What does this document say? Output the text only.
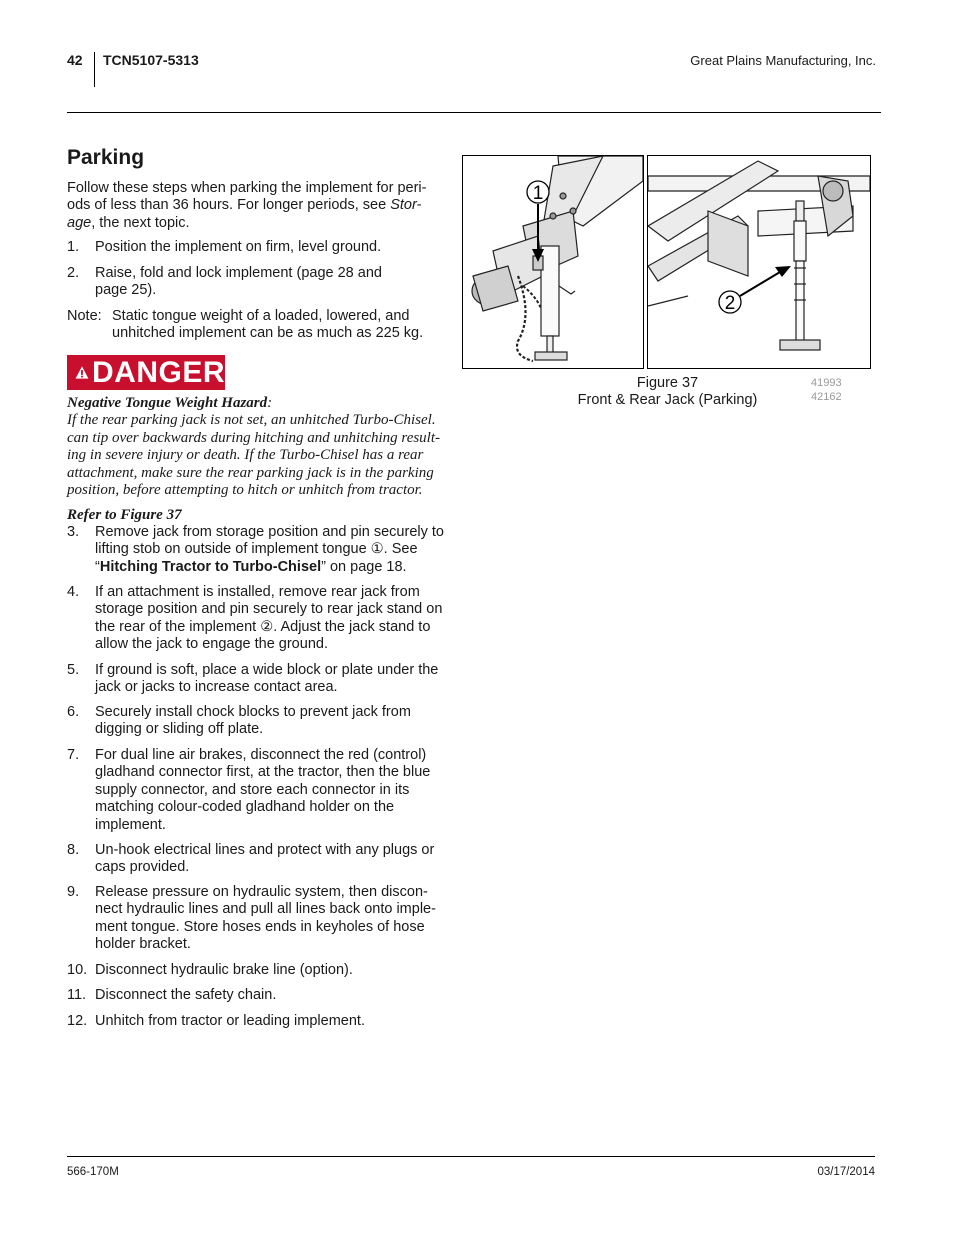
42 TCN5107-5313	Great Plains Manufacturing, Inc.
Parking
Follow these steps when parking the implement for peri-
ods of less than 36 hours. For longer periods, see Stor-
age, the next topic.
1. Position the implement on firm, level ground.
2. Raise, fold and lock implement (page 28 and page 25).
Note: Static tongue weight of a loaded, lowered, and unhitched implement can be as much as 225 kg.
DANGER
Negative Tongue Weight Hazard:
If the rear parking jack is not set, an unhitched Turbo-Chisel. can tip over backwards during hitching and unhitching result- ing in severe injury or death. If the Turbo-Chisel has a rear attachment, make sure the rear parking jack is in the parking position, before attempting to hitch or unhitch from tractor.
Refer to Figure 37
3. Remove jack from storage position and pin securely to lifting stob on outside of implement tongue ①. See “Hitching Tractor to Turbo-Chisel” on page 18.
4. If an attachment is installed, remove rear jack from storage position and pin securely to rear jack stand on the rear of the implement ②. Adjust the jack stand to allow the jack to engage the ground.
5. If ground is soft, place a wide block or plate under the jack or jacks to increase contact area.
6. Securely install chock blocks to prevent jack from digging or sliding off plate.
7. For dual line air brakes, disconnect the red (control) gladhand connector first, at the tractor, then the blue supply connector, and store each connector in its matching colour-coded gladhand holder on the implement.
8. Un-hook electrical lines and protect with any plugs or caps provided.
9. Release pressure on hydraulic system, then discon- nect hydraulic lines and pull all lines back onto imple- ment tongue. Store hoses ends in keyholes of hose holder bracket.
10. Disconnect hydraulic brake line (option).
11. Disconnect the safety chain.
12. Unhitch from tractor or leading implement.
1
2
Figure 37
Front & Rear Jack (Parking)
41993
42162
566-170M	03/17/2014
